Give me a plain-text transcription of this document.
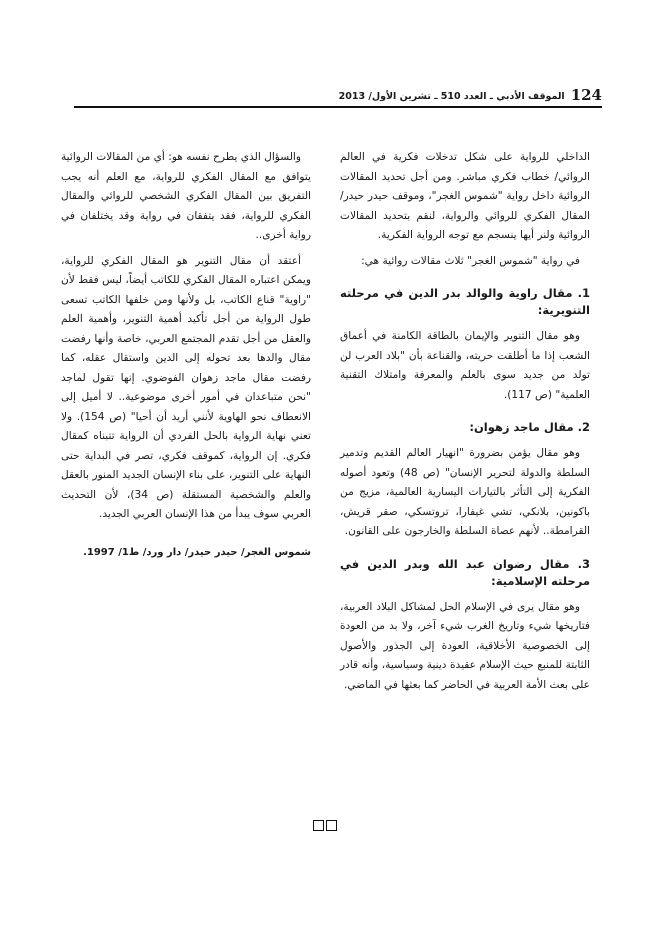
124
الموقف الأدبي ـ العدد 510 ـ تشرين الأول/ 2013

الداخلي للرواية على شكل تدخلات فكرية في العالم الروائي/ خطاب فكري مباشر. ومن أجل تحديد المقالات الروائية داخل رواية "شموس الغجر"، وموقف حيدر حيدر/ المقال الفكري للروائي والرواية، لنقم بتحديد المقالات الروائية ولنر أيها ينسجم مع توجه الرواية الفكرية.

في رواية "شموس الغجر" ثلاث مقالات روائية هي:

1. مقال راوية والوالد بدر الدين في مرحلته التنويرية:

وهو مقال التنوير والإيمان بالطاقة الكامنة في أعماق الشعب إذا ما أطلقت حريته، والقناعة بأن "بلاد العرب لن تولد من جديد سوى بالعلم والمعرفة وامتلاك التقنية العلمية" (ص 117).

2. مقال ماجد زهوان:

وهو مقال يؤمن بضرورة "انهيار العالم القديم وتدمير السلطة والدولة لتحرير الإنسان" (ص 48) وتعود أصوله الفكرية إلى التأثر بالتيارات اليسارية العالمية، مزيج من باكونين، بلانكي، تشي غيفارا، تروتسكي، صقر قريش، القرامطة.. لأنهم عصاة السلطة والخارجون على القانون.

3. مقال رضوان عبد الله وبدر الدين في مرحلته الإسلامية:

وهو مقال يرى في الإسلام الحل لمشاكل البلاد العربية، فتاريخها شيء وتاريخ الغرب شيء آخر، ولا بد من العودة إلى الخصوصية الأخلاقية، العودة إلى الجذور والأصول الثابتة للمنبع حيث الإسلام عقيدة دينية وسياسية، وأنه قادر على بعث الأمة العربية في الحاضر كما بعثها في الماضي.

والسؤال الذي يطرح نفسه هو: أي من المقالات الروائية يتوافق مع المقال الفكري للرواية، مع العلم أنه يجب التفريق بين المقال الفكري الشخصي للروائي والمقال الفكري للرواية، فقد يتفقان في رواية وقد يختلفان في رواية أخرى..

أعتقد أن مقال التنوير هو المقال الفكري للرواية، ويمكن اعتباره المقال الفكري للكاتب أيضاً، ليس فقط لأن "راوية" قناع الكاتب، بل ولأنها ومن خلفها الكاتب تسعى طول الرواية من أجل تأكيد أهمية التنوير، وأهمية العلم والعقل من أجل تقدم المجتمع العربي، خاصة وأنها رفضت مقال والدها بعد تحوله إلى الدين واستقال عقله، كما رفضت مقال ماجد زهوان الفوضوي. إنها تقول لماجد "نحن متباعدان في أمور أخرى موضوعية.. لا أميل إلى الانعطاف نحو الهاوية لأنني أريد أن أحيا" (ص 154). ولا تعني نهاية الرواية بالحل الفردي أن الرواية تتبناه كمقال فكري. إن الرواية، كموقف فكري، تصر في البداية حتى النهاية على التنوير، على بناء الإنسان الجديد المنور بالعقل والعلم والشخصية المستقلة (ص 34)، لأن التحديث العربي سوف يبدأ من هذا الإنسان العربي الجديد.

شموس الغجر/ حيدر حيدر/ دار ورد/ ط1/ 1997.
